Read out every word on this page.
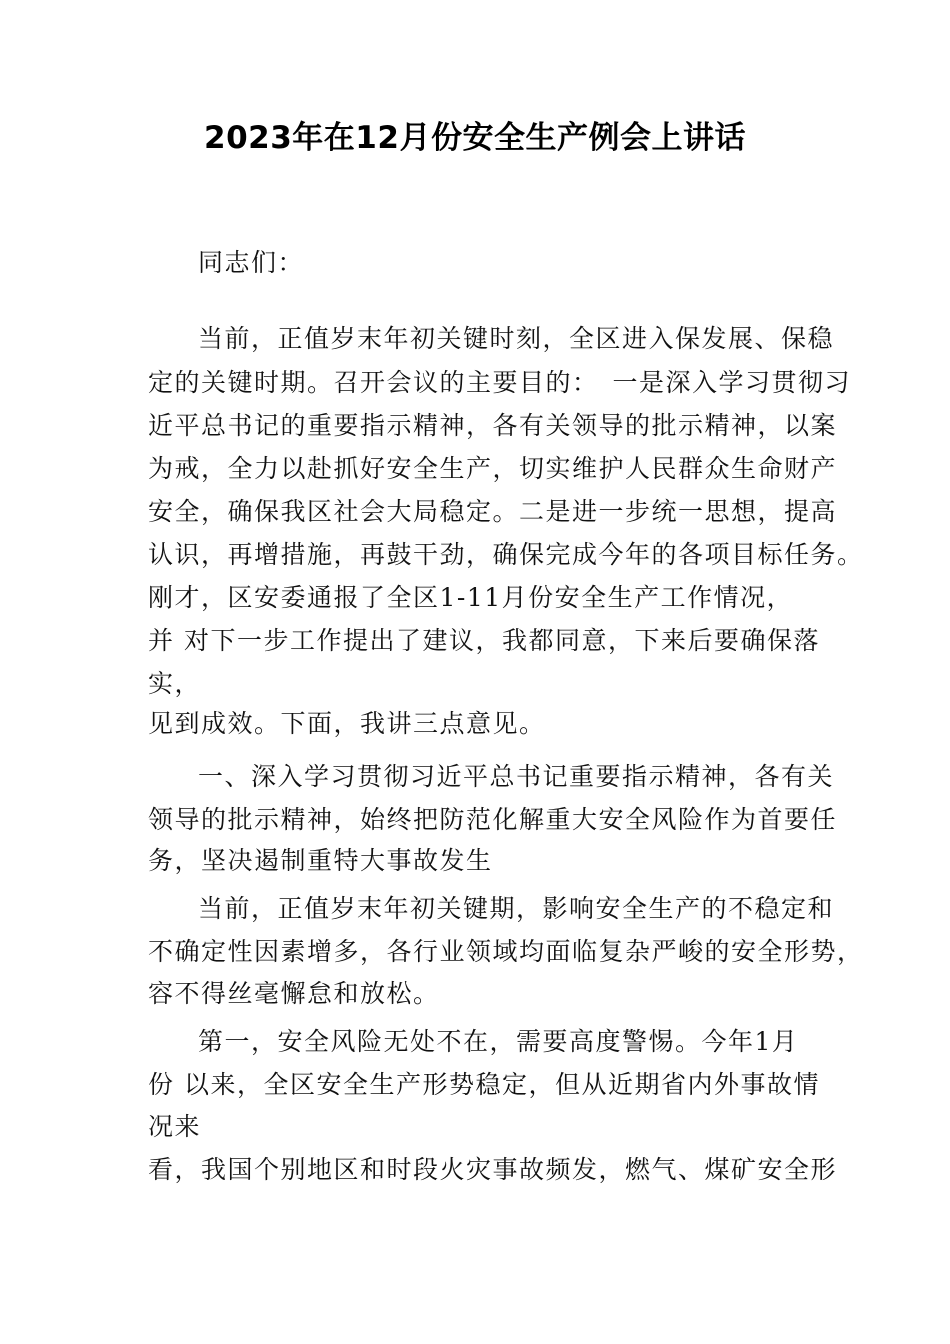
2023年在12月份安全生产例会上讲话
同志们：
当前，正值岁末年初关键时刻，全区进入保发展、保稳
定的关键时期。召开会议的主要目的：　一是深入学习贯彻习
近平总书记的重要指示精神，各有关领导的批示精神，以案
为戒，全力以赴抓好安全生产，切实维护人民群众生命财产
安全，确保我区社会大局稳定。二是进一步统一思想，提高
认识，再增措施，再鼓干劲，确保完成今年的各项目标任务。
刚才，区安委通报了全区1-11月份安全生产工作情况，
并 对下一步工作提出了建议，我都同意，下来后要确保落
实，
见到成效。下面，我讲三点意见。
一、深入学习贯彻习近平总书记重要指示精神，各有关
领导的批示精神，始终把防范化解重大安全风险作为首要任
务，坚决遏制重特大事故发生
当前，正值岁末年初关键期，影响安全生产的不稳定和
不确定性因素增多，各行业领域均面临复杂严峻的安全形势，
容不得丝毫懈怠和放松。
第一，安全风险无处不在，需要高度警惕。今年1月
份 以来，全区安全生产形势稳定，但从近期省内外事故情
况来
看，我国个别地区和时段火灾事故频发，燃气、煤矿安全形
